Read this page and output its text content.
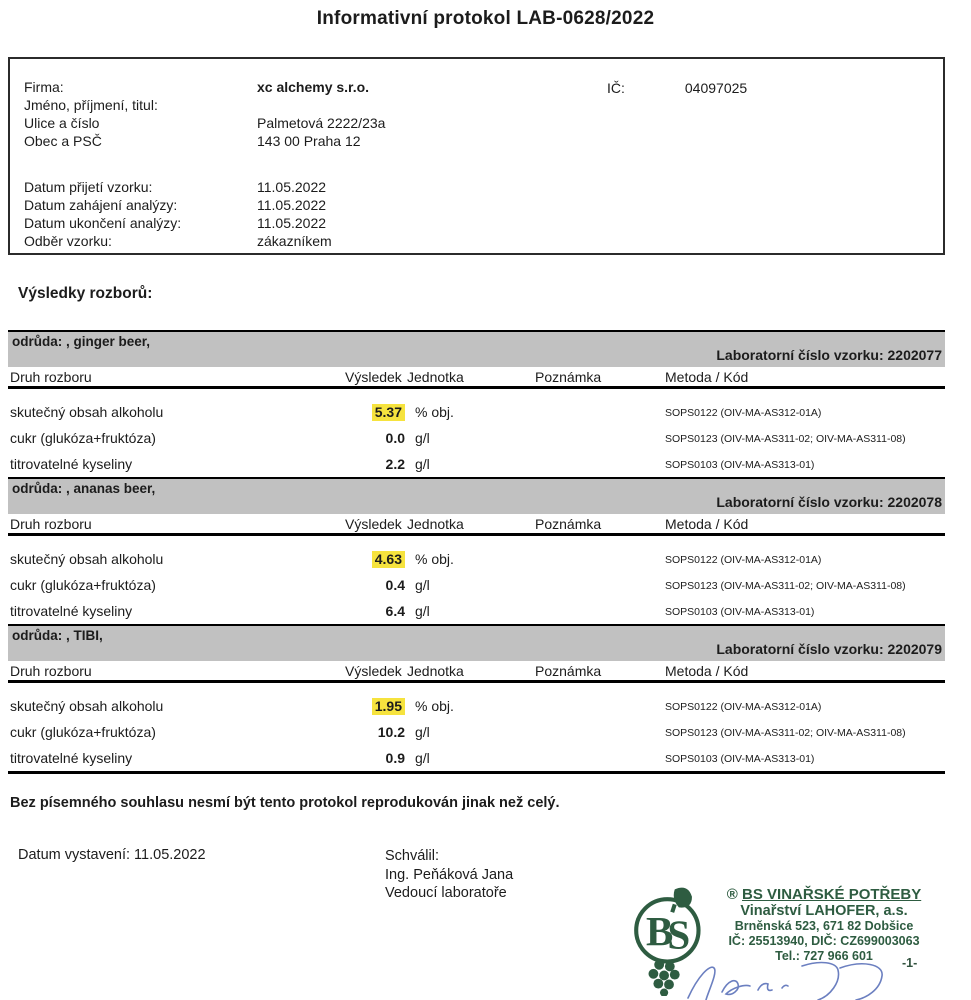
Informativní protokol LAB-0628/2022
Firma:	xc alchemy s.r.o.
Jméno, příjmení, titul:
Ulice a číslo	Palmetová 2222/23a
Obec a PSČ	143 00 Praha 12
Datum přijetí vzorku:	11.05.2022
Datum zahájení analýzy:	11.05.2022
Datum ukončení analýzy:	11.05.2022
Odběr vzorku:	zákazníkem
IČ:	04097025
Výsledky rozborů:
odrůda: , ginger beer,
Laboratorní číslo vzorku: 2202077
Druh rozboru	Výsledek Jednotka	Poznámka	Metoda / Kód
skutečný obsah alkoholu	5.37 % obj.	SOPS0122 (OIV-MA-AS312-01A)
cukr (glukóza+fruktóza)	0.0 g/l	SOPS0123 (OIV-MA-AS311-02; OIV-MA-AS311-08)
titrovatelné kyseliny	2.2 g/l	SOPS0103 (OIV-MA-AS313-01)
odrůda: , ananas beer,
Laboratorní číslo vzorku: 2202078
Druh rozboru	Výsledek Jednotka	Poznámka	Metoda / Kód
skutečný obsah alkoholu	4.63 % obj.	SOPS0122 (OIV-MA-AS312-01A)
cukr (glukóza+fruktóza)	0.4 g/l	SOPS0123 (OIV-MA-AS311-02; OIV-MA-AS311-08)
titrovatelné kyseliny	6.4 g/l	SOPS0103 (OIV-MA-AS313-01)
odrůda: , TIBI,
Laboratorní číslo vzorku: 2202079
Druh rozboru	Výsledek Jednotka	Poznámka	Metoda / Kód
skutečný obsah alkoholu	1.95 % obj.	SOPS0122 (OIV-MA-AS312-01A)
cukr (glukóza+fruktóza)	10.2 g/l	SOPS0123 (OIV-MA-AS311-02; OIV-MA-AS311-08)
titrovatelné kyseliny	0.9 g/l	SOPS0103 (OIV-MA-AS313-01)
Bez písemného souhlasu nesmí být tento protokol reprodukován jinak než celý.
Datum vystavení: 11.05.2022	Schválil:
Ing. Peňáková Jana
Vedoucí laboratoře
B
S
® BS VINAŘSKÉ POTŘEBY
Vinařství LAHOFER, a.s.
Brněnská 523, 671 82 Dobšice
IČ: 25513940, DIČ: CZ699003063
Tel.: 727 966 601	-1-
